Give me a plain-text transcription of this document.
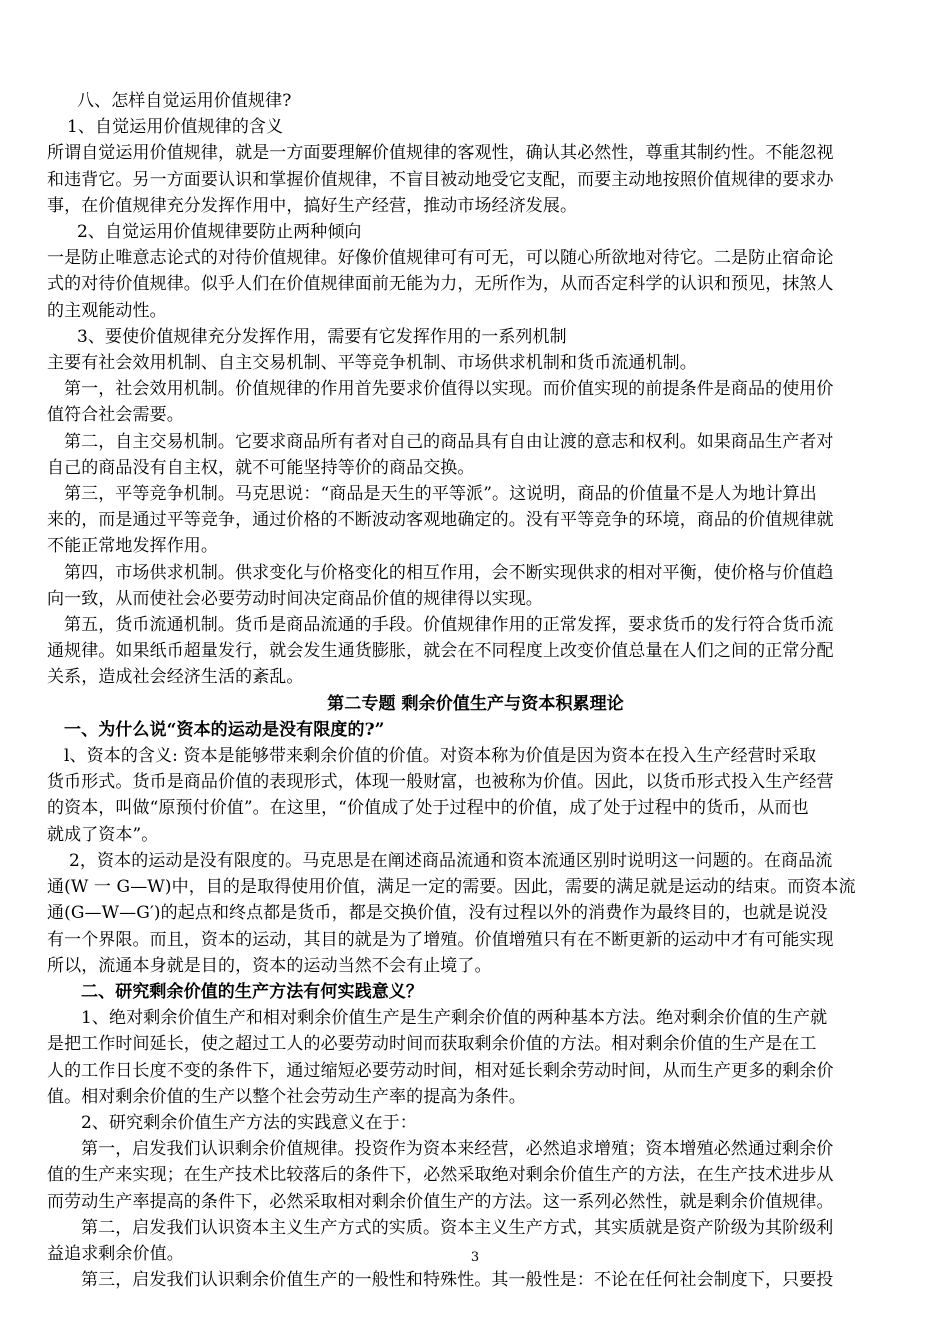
八、怎样自觉运用价值规律?
1、自觉运用价值规律的含义
所谓自觉运用价值规律，就是一方面要理解价值规律的客观性，确认其必然性，尊重其制约性。不能忽视
和违背它。另一方面要认识和掌握价值规律，不盲目被动地受它支配，而要主动地按照价值规律的要求办
事，在价值规律充分发挥作用中，搞好生产经营，推动市场经济发展。
2、自觉运用价值规律要防止两种倾向
一是防止唯意志论式的对待价值规律。好像价值规律可有可无，可以随心所欲地对待它。二是防止宿命论
式的对待价值规律。似乎人们在价值规律面前无能为力，无所作为，从而否定科学的认识和预见，抹煞人
的主观能动性。
3、要使价值规律充分发挥作用，需要有它发挥作用的一系列机制
主要有社会效用机制、自主交易机制、平等竞争机制、市场供求机制和货币流通机制。
第一，社会效用机制。价值规律的作用首先要求价值得以实现。而价值实现的前提条件是商品的使用价
值符合社会需要。
第二，自主交易机制。它要求商品所有者对自己的商品具有自由让渡的意志和权利。如果商品生产者对
自己的商品没有自主权，就不可能坚持等价的商品交换。
第三，平等竞争机制。马克思说：“商品是天生的平等派”。这说明，商品的价值量不是人为地计算出
来的，而是通过平等竞争，通过价格的不断波动客观地确定的。没有平等竞争的环境，商品的价值规律就
不能正常地发挥作用。
第四，市场供求机制。供求变化与价格变化的相互作用，会不断实现供求的相对平衡，使价格与价值趋
向一致，从而使社会必要劳动时间决定商品价值的规律得以实现。
第五，货币流通机制。货币是商品流通的手段。价值规律作用的正常发挥，要求货币的发行符合货币流
通规律。如果纸币超量发行，就会发生通货膨胀，就会在不同程度上改变价值总量在人们之间的正常分配
关系，造成社会经济生活的紊乱。
第二专题 剩余价值生产与资本积累理论
一、为什么说“资本的运动是没有限度的?”
l、资本的含义: 资本是能够带来剩余价值的价值。对资本称为价值是因为资本在投入生产经营时采取
货币形式。货币是商品价值的表现形式，体现一般财富，也被称为价值。因此，以货币形式投入生产经营
的资本，叫做“原预付价值”。在这里，“价值成了处于过程中的价值，成了处于过程中的货币，从而也
就成了资本”。
2，资本的运动是没有限度的。马克思是在阐述商品流通和资本流通区别时说明这一问题的。在商品流
通(W 一 G—W)中，目的是取得使用价值，满足一定的需要。因此，需要的满足就是运动的结束。而资本流
通(G—W—G′)的起点和终点都是货币，都是交换价值，没有过程以外的消费作为最终目的，也就是说没
有一个界限。而且，资本的运动，其目的就是为了增殖。价值增殖只有在不断更新的运动中才有可能实现
所以，流通本身就是目的，资本的运动当然不会有止境了。
二、研究剩余价值的生产方法有何实践意义？
1、绝对剩余价值生产和相对剩余价值生产是生产剩余价值的两种基本方法。绝对剩余价值的生产就
是把工作时间延长，使之超过工人的必要劳动时间而获取剩余价值的方法。相对剩余价值的生产是在工
人的工作日长度不变的条件下，通过缩短必要劳动时间，相对延长剩余劳动时间，从而生产更多的剩余价
值。相对剩余价值的生产以整个社会劳动生产率的提高为条件。
2、研究剩余价值生产方法的实践意义在于：
第一，启发我们认识剩余价值规律。投资作为资本来经营，必然追求增殖；资本增殖必然通过剩余价
值的生产来实现；在生产技术比较落后的条件下，必然采取绝对剩余价值生产的方法，在生产技术进步从
而劳动生产率提高的条件下，必然采取相对剩余价值生产的方法。这一系列必然性，就是剩余价值规律。
第二，启发我们认识资本主义生产方式的实质。资本主义生产方式，其实质就是资产阶级为其阶级利
益追求剩余价值。
第三，启发我们认识剩余价值生产的一般性和特殊性。其一般性是：不论在任何社会制度下，只要投
3
